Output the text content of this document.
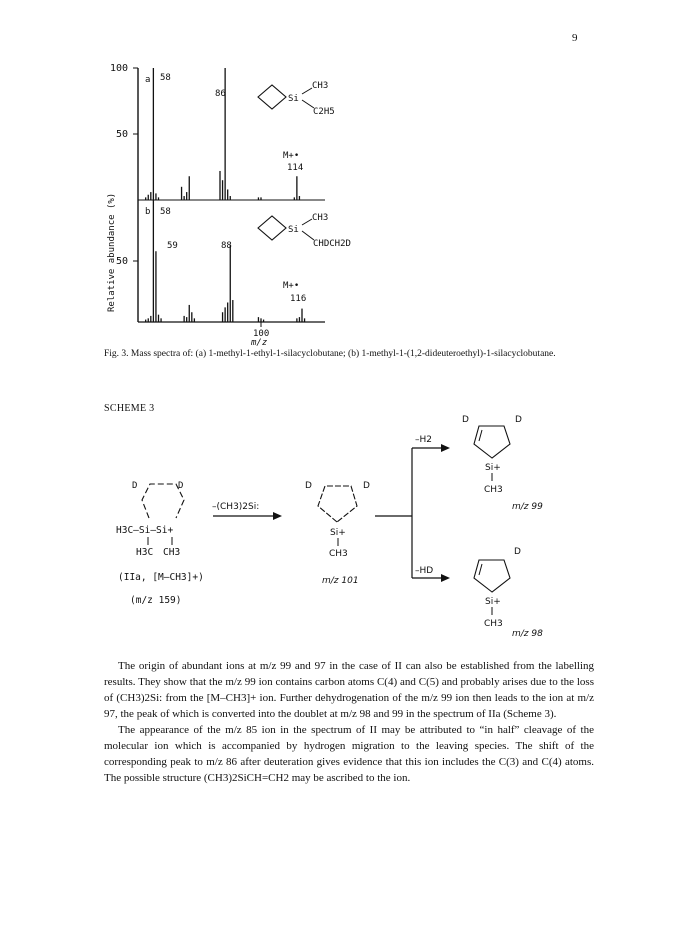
9
100
50
a 58
86
M+•
114
Si
CH3
C2H5
50
b 58
59	88
M+•
116
Si
CH3
CHDCH2D
100
m/z
Relative abundance (%)
Fig. 3. Mass spectra of: (a) 1-methyl-1-ethyl-1-silacyclobutane; (b) 1-methyl-1-(1,2-dideuteroethyl)-1-silacyclobutane.
SCHEME 3
D	D
H3C—Si—Si+
H3C CH3
(IIa, [M–CH3]+)
(m/z 159)
–(CH3)2Si:
D	D
Si+
CH3
m/z 101
–H2
–HD
D	D
Si+
CH3
m/z 99
D
Si+
CH3
m/z 98

The origin of abundant ions at m/z 99 and 97 in the case of II can also be established from the labelling results. They show that the m/z 99 ion contains carbon atoms C(4) and C(5) and probably arises due to the loss of (CH3)2Si: from the [M–CH3]+ ion. Further dehydrogenation of the m/z 99 ion then leads to the ion at m/z 97, the peak of which is converted into the doublet at m/z 98 and 99 in the spectrum of IIa (Scheme 3).

The appearance of the m/z 85 ion in the spectrum of II may be attributed to “in half” cleavage of the molecular ion which is accompanied by hydrogen migration to the leaving species. The shift of the corresponding peak to m/z 86 after deuteration gives evidence that this ion includes the C(3) and C(4) atoms. The possible structure (CH3)2SiCH=CH2 may be ascribed to the ion.
